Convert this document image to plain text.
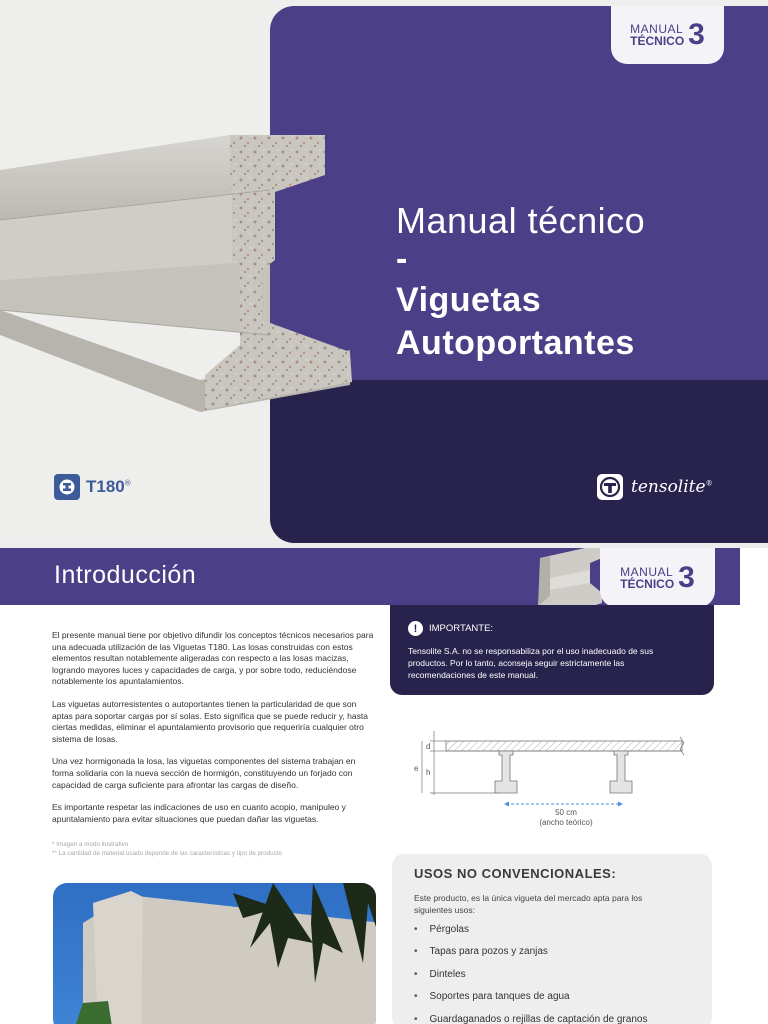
MANUAL
TÉCNICO 3
Manual técnico
-
Viguetas
Autoportantes
T180®	tensolite®
Introducción	MANUAL
TÉCNICO 3

El presente manual tiene por objetivo difundir los conceptos técnicos necesarios para una adecuada utilización de las Viguetas T180. Las losas construidas con estos elementos resultan notablemente aligeradas con respecto a las losas macizas, logrando mayores luces y capacidades de carga, y por sobre todo, reduciéndose notablemente los apuntalamientos.

Las viguetas autorresistentes o autoportantes tienen la particularidad de que son aptas para soportar cargas por sí solas. Esto significa que se puede reducir y, hasta ciertas medidas, eliminar el apuntalamiento provisorio que requeriría cualquier otro sistema de losas.

Una vez hormigonada la losa, las viguetas componentes del sistema trabajan en forma solidaria con la nueva sección de hormigón, constituyendo un forjado con capacidad de carga suficiente para afrontar las cargas de diseño.

Es importante respetar las indicaciones de uso en cuanto acopio, manipuleo y apuntalamiento para evitar situaciones que puedan dañar las viguetas.

* Imagen a modo ilustrativo
** La cantidad de material usado depende de las características y tipo de producto
!	IMPORTANTE:
Tensolite S.A. no se responsabiliza por el uso inadecuado de sus productos. Por lo tanto, aconseja seguir estrictamente las recomendaciones de este manual.
d
e h
50 cm
(ancho teórico)
USOS NO CONVENCIONALES:
Este producto, es la única vigueta del mercado apta para los siguientes usos:
• Pérgolas
• Tapas para pozos y zanjas
• Dinteles
• Soportes para tanques de agua
• Guardaganados o rejillas de captación de granos
